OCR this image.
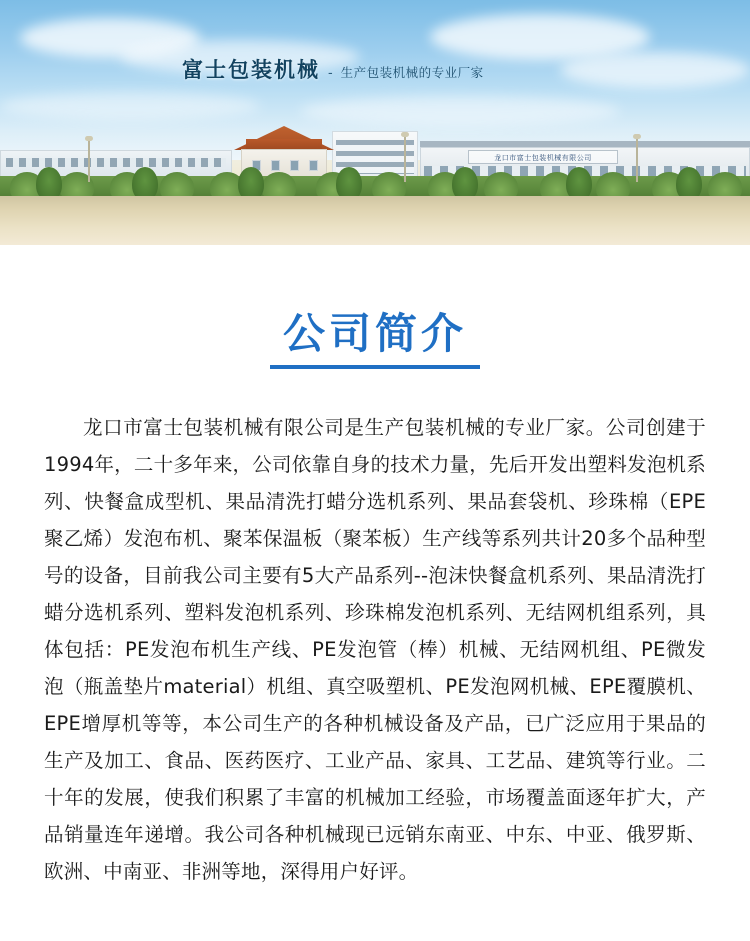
龙口市富士包装机械有限公司
富士包装机械 - 生产包装机械的专业厂家
公司简介

龙口市富士包装机械有限公司是生产包装机械的专业厂家。公司创建于1994年，二十多年来，公司依靠自身的技术力量，先后开发出塑料发泡机系列、快餐盒成型机、果品清洗打蜡分选机系列、果品套袋机、珍珠棉（EPE聚乙烯）发泡布机、聚苯保温板（聚苯板）生产线等系列共计20多个品种型号的设备，目前我公司主要有5大产品系列--泡沫快餐盒机系列、果品清洗打蜡分选机系列、塑料发泡机系列、珍珠棉发泡机系列、无结网机组系列，具体包括：PE发泡布机生产线、PE发泡管（棒）机械、无结网机组、PE微发泡（瓶盖垫片material）机组、真空吸塑机、PE发泡网机械、EPE覆膜机、EPE增厚机等等，本公司生产的各种机械设备及产品，已广泛应用于果品的生产及加工、食品、医药医疗、工业产品、家具、工艺品、建筑等行业。二十年的发展，使我们积累了丰富的机械加工经验，市场覆盖面逐年扩大，产品销量连年递增。我公司各种机械现已远销东南亚、中东、中亚、俄罗斯、欧洲、中南亚、非洲等地，深得用户好评。
